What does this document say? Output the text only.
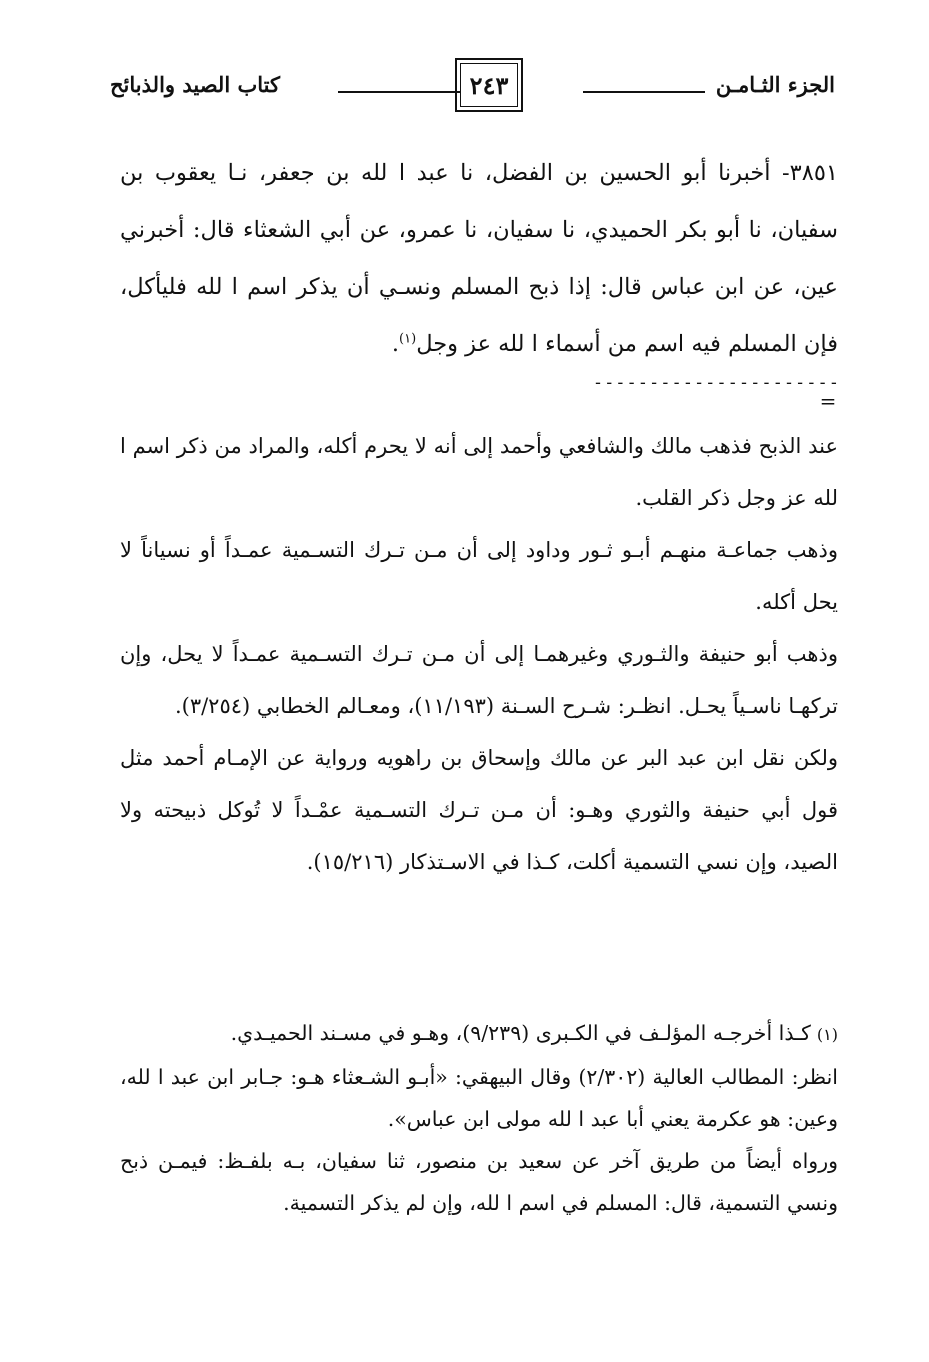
الجزء الثـامـن
٢٤٣
كتاب الصيد والذبائح

٣٨٥١- أخبرنا أبو الحسين بن الفضل، نا عبد ا لله بن جعفر، نـا يعقوب بن سفيان، نا أبو بكر الحميدي، نا سفيان، نا عمرو، عن أبي الشعثاء قال: أخبرني عين، عن ابن عباس قال: إذا ذبح المسلم ونسـي أن يذكر اسم ا لله فليأكل، فإن المسلم فيه اسم من أسماء ا لله عز وجل$^{(١)}$.

----------------------
=

عند الذبح فذهب مالك والشافعي وأحمد إلى أنه لا يحرم أكله، والمراد من ذكر اسم ا لله عز وجل ذكر القلب.

وذهب جماعـة منهـم أبـو ثـور وداود إلى أن مـن تـرك التسـمية عمـداً أو نسياناً لا يحل أكله.

وذهب أبو حنيفة والثـوري وغيرهمـا إلى أن مـن تـرك التسـمية عمـداً لا يحل، وإن تركهـا ناسـياً يحـل. انظـر: شـرح السـنة (١١/١٩٣)، ومعـالم الخطابي (٣/٢٥٤).

ولكن نقل ابن عبد البر عن مالك وإسحاق بن راهويه ورواية عن الإمـام أحمد مثل قول أبي حنيفة والثوري وهـو: أن مـن تـرك التسـمية عمْـداً لا تُوكل ذبيحته ولا الصيد، وإن نسي التسمية أكلت، كـذا في الاسـتذكار (١٥/٢١٦).

(١)كـذا أخرجـه المؤلـف في الكـبرى (٩/٢٣٩)، وهـو في مسـند الحميـدي.

انظر: المطالب العالية (٢/٣٠٢) وقال البيهقي: «أبـو الشـعثاء هـو: جـابر ابن عبد ا لله، وعين: هو عكرمة يعني أبا عبد ا لله مولى ابن عباس».

ورواه أيضاً من طريق آخر عن سعيد بن منصور، ثنا سفيان، بـه بلفـظ: فيمـن ذبح ونسي التسمية، قال: المسلم في اسم ا لله، وإن لم يذكر التسمية.
